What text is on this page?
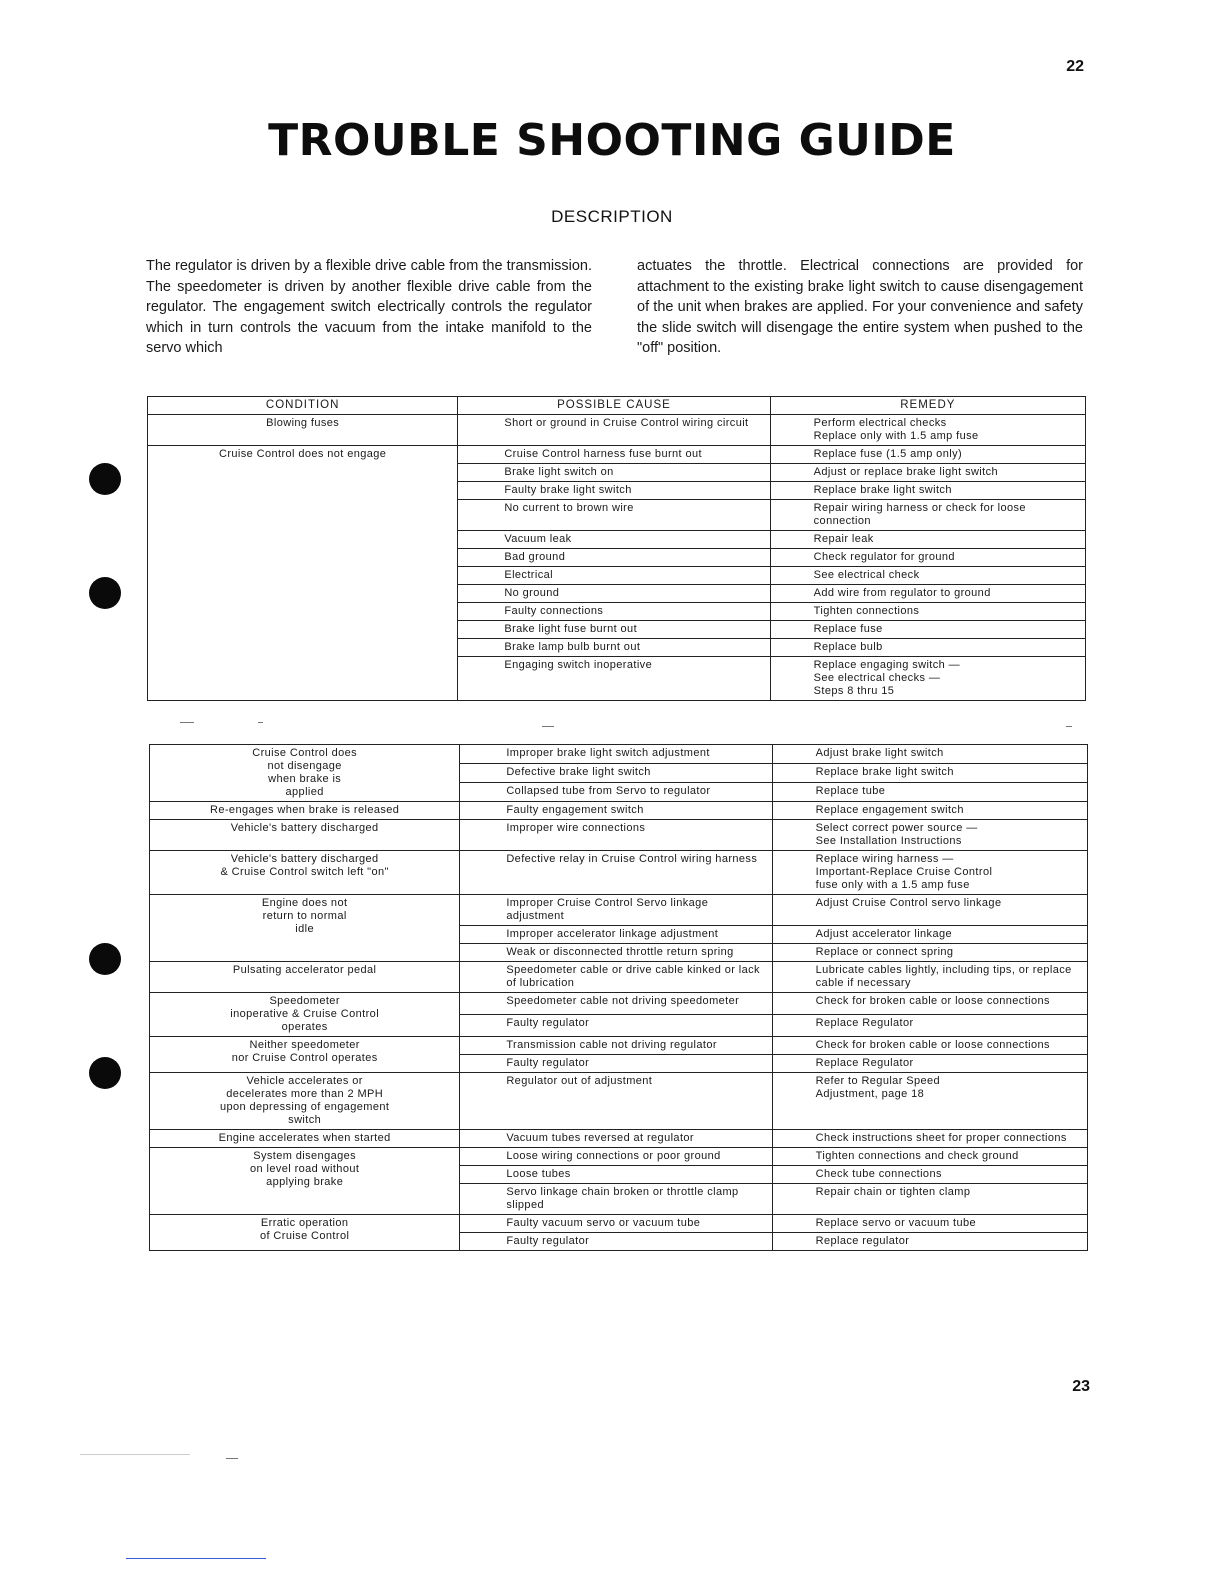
22
TROUBLE SHOOTING GUIDE
DESCRIPTION

The regulator is driven by a flexible drive cable from the transmission. The speedometer is driven by another flexible drive cable from the regulator. The engagement switch electrically controls the regulator which in turn controls the vacuum from the intake manifold to the servo which

actuates the throttle. Electrical connections are provided for attachment to the existing brake light switch to cause disengagement of the unit when brakes are applied. For your convenience and safety the slide switch will disengage the entire system when pushed to the "off" position.

CONDITION	POSSIBLE CAUSE	REMEDY
Blowing fuses	Short or ground in Cruise Control wiring circuit	Perform electrical checks
Replace only with 1.5 amp fuse
Cruise Control does not engage	Cruise Control harness fuse burnt out	Replace fuse (1.5 amp only)
	Brake light switch on	Adjust or replace brake light switch
	Faulty brake light switch	Replace brake light switch
	No current to brown wire	Repair wiring harness or check for loose connection
	Vacuum leak	Repair leak
	Bad ground	Check regulator for ground
	Electrical	See electrical check
	No ground	Add wire from regulator to ground
	Faulty connections	Tighten connections
	Brake light fuse burnt out	Replace fuse
	Brake lamp bulb burnt out	Replace bulb
	Engaging switch inoperative	Replace engaging switch —
See electrical checks —
Steps 8 thru 15
Cruise Control does
not disengage
when brake is
applied	Improper brake light switch adjustment	Adjust brake light switch
	Defective brake light switch	Replace brake light switch
	Collapsed tube from Servo to regulator	Replace tube
Re-engages when brake is released	Faulty engagement switch	Replace engagement switch
Vehicle's battery discharged	Improper wire connections	Select correct power source —
See Installation Instructions
Vehicle's battery discharged
& Cruise Control switch left "on"	Defective relay in Cruise Control wiring harness	Replace wiring harness —
Important-Replace Cruise Control
fuse only with a 1.5 amp fuse
Engine does not
return to normal
idle	Improper Cruise Control Servo linkage adjustment	Adjust Cruise Control servo linkage
	Improper accelerator linkage adjustment	Adjust accelerator linkage
	Weak or disconnected throttle return spring	Replace or connect spring
Pulsating accelerator pedal	Speedometer cable or drive cable kinked or lack of lubrication	Lubricate cables lightly, including tips, or replace cable if necessary
Speedometer
inoperative & Cruise Control
operates	Speedometer cable not driving speedometer	Check for broken cable or loose connections
	Faulty regulator	Replace Regulator
Neither speedometer
nor Cruise Control operates	Transmission cable not driving regulator	Check for broken cable or loose connections
	Faulty regulator	Replace Regulator
Vehicle accelerates or
decelerates more than 2 MPH
upon depressing of engagement
switch	Regulator out of adjustment	Refer to Regular Speed
Adjustment, page 18
Engine accelerates when started	Vacuum tubes reversed at regulator	Check instructions sheet for proper connections
System disengages
on level road without
applying brake	Loose wiring connections or poor ground	Tighten connections and check ground
	Loose tubes	Check tube connections
	Servo linkage chain broken or throttle clamp slipped	Repair chain or tighten clamp
Erratic operation
of Cruise Control	Faulty vacuum servo or vacuum tube	Replace servo or vacuum tube
	Faulty regulator	Replace regulator
23
